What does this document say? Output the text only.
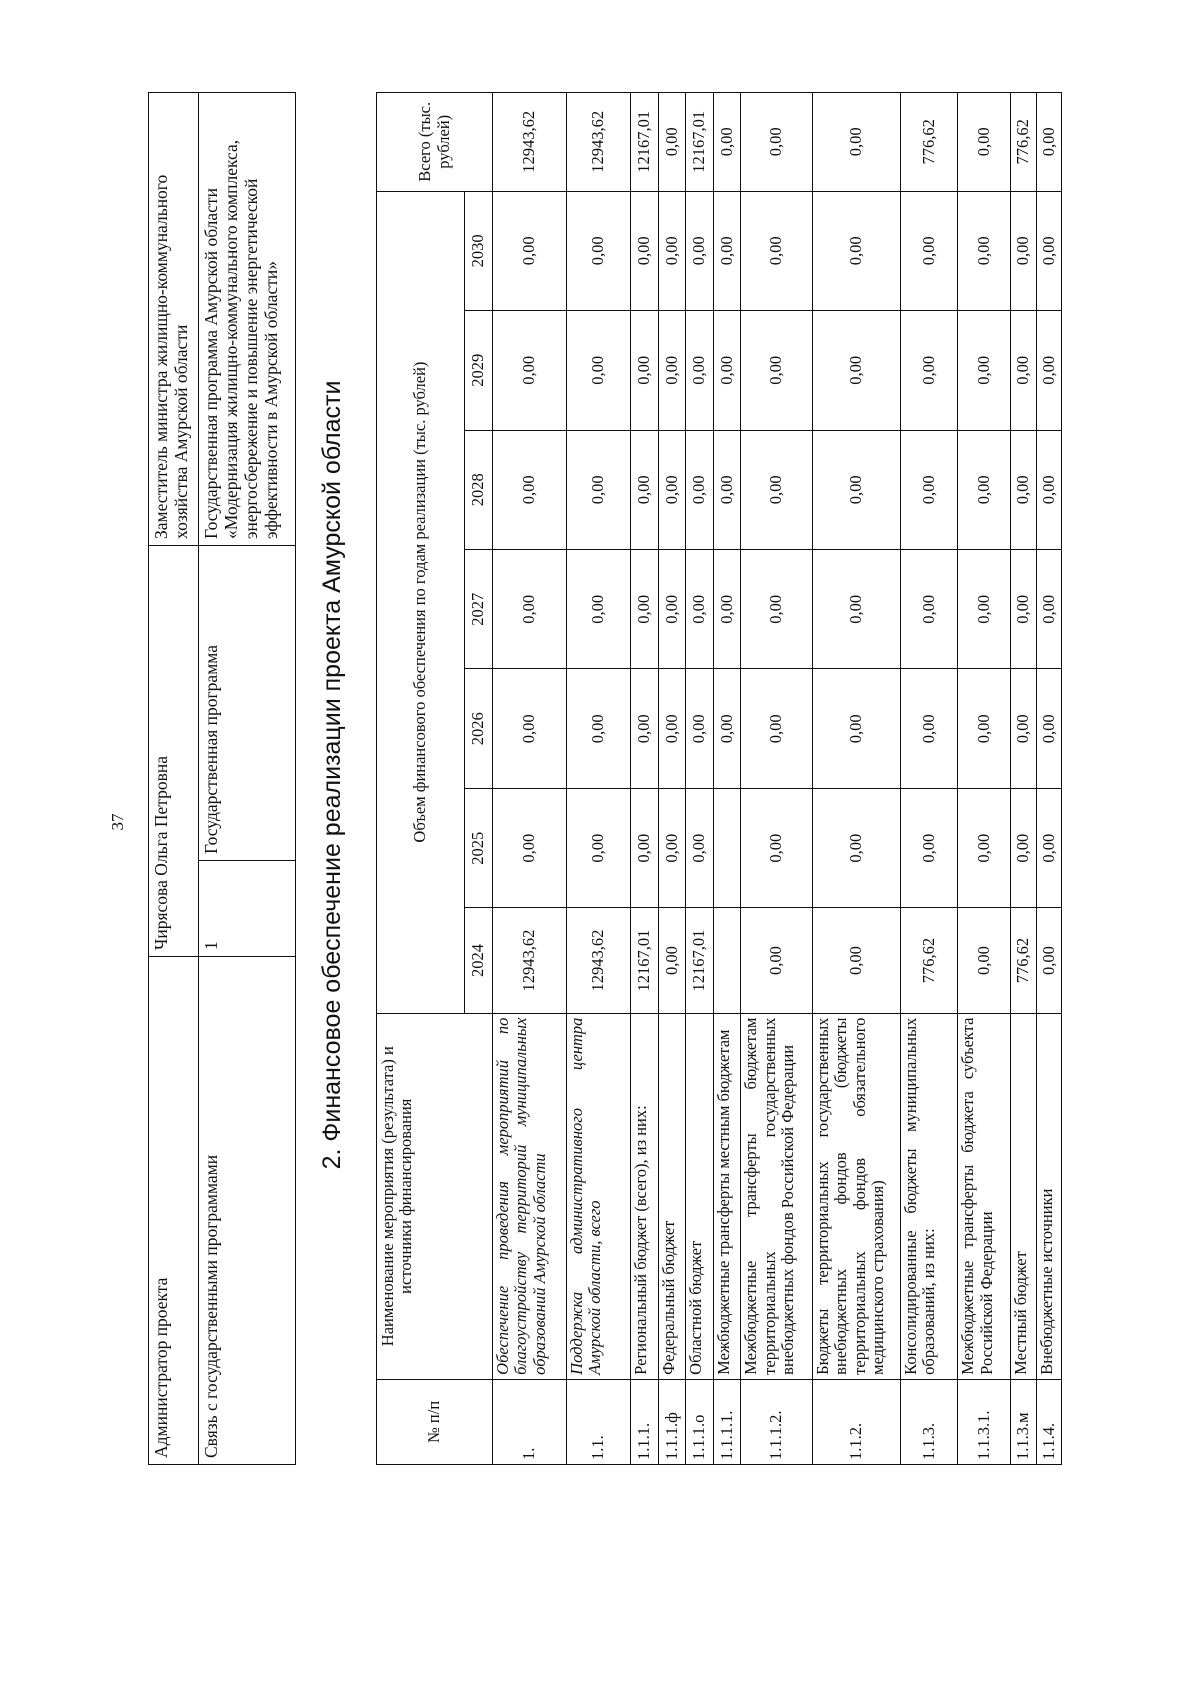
37
Администратор проекта	Чирясова Ольга Петровна		Заместитель министра жилищно-коммунального хозяйства Амурской области
Связь с государственными программами	1	Государственная программа	Государственная программа Амурской области «Модернизация жилищно-коммунального комплекса, энергосбережение и повышение энергетической эффективности в Амурской области» 2. Финансовое обеспечение реализации проекта Амурской области
№ п/п	Наименование мероприятия (результата) и источники финансирования	Объем финансового обеспечения по годам реализации (тыс. рублей)							Всего (тыс. рублей)
		2024	2025	2026	2027	2028	2029	2030	
1.	Обеспечение проведения мероприятий по благоустройству территорий муниципальных образований Амурской области	12943,62	0,00	0,00	0,00	0,00	0,00	0,00	12943,62
1.1.	Поддержка административного центра Амурской области, всего	12943,62	0,00	0,00	0,00	0,00	0,00	0,00	12943,62
1.1.1.	Региональный бюджет (всего), из них:	12167,01	0,00	0,00	0,00	0,00	0,00	0,00	12167,01
1.1.1.ф	Федеральный бюджет	0,00	0,00	0,00	0,00	0,00	0,00	0,00	0,00
1.1.1.о	Областной бюджет	12167,01	0,00	0,00	0,00	0,00	0,00	0,00	12167,01
1.1.1.1.	Межбюджетные трансферты местным бюджетам			0,00	0,00	0,00	0,00	0,00	0,00
1.1.1.2.	Межбюджетные трансферты бюджетам территориальных государственных внебюджетных фондов Российской Федерации	0,00	0,00	0,00	0,00	0,00	0,00	0,00	0,00
1.1.2.	Бюджеты территориальных государственных внебюджетных фондов (бюджеты территориальных фондов обязательного медицинского страхования)	0,00	0,00	0,00	0,00	0,00	0,00	0,00	0,00
1.1.3.	Консолидированные бюджеты муниципальных образований, из них:	776,62	0,00	0,00	0,00	0,00	0,00	0,00	776,62
1.1.3.1.	Межбюджетные трансферты бюджета субъекта Российской Федерации	0,00	0,00	0,00	0,00	0,00	0,00	0,00	0,00
1.1.3.м	Местный бюджет	776,62	0,00	0,00	0,00	0,00	0,00	0,00	776,62
1.1.4.	Внебюджетные источники	0,00	0,00	0,00	0,00	0,00	0,00	0,00	0,00
